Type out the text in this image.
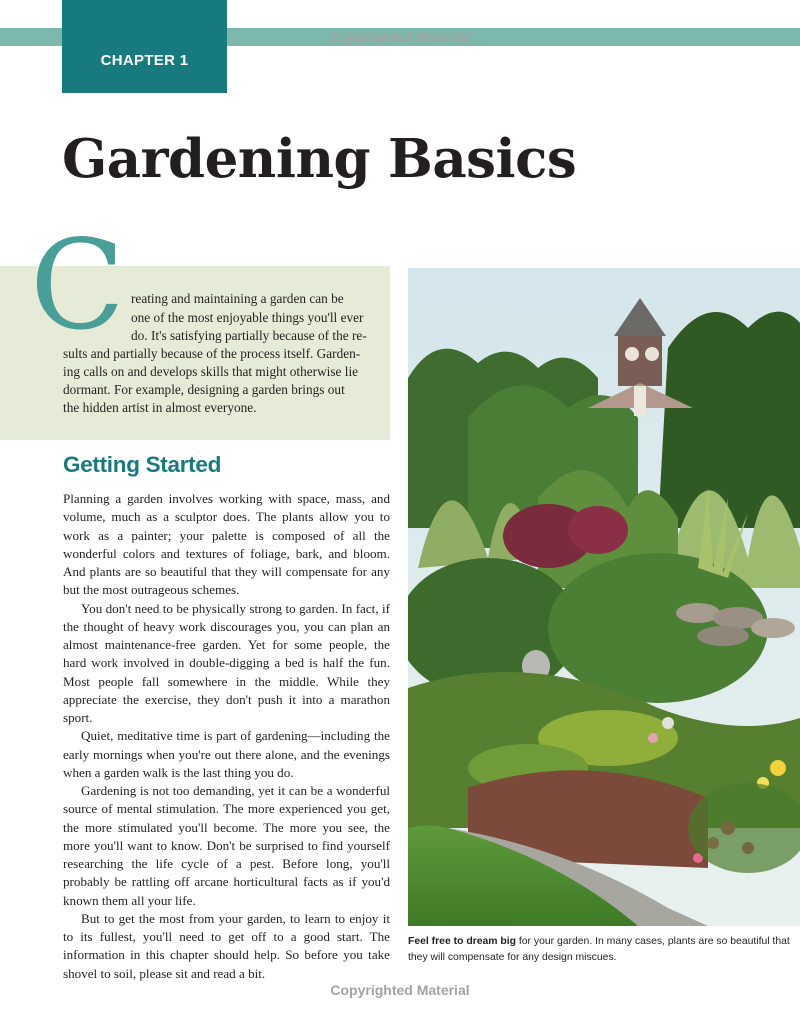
Copyrighted Material
CHAPTER 1
Gardening Basics
C reating and maintaining a garden can be
one of the most enjoyable things you'll ever
do. It's satisfying partially because of the re-
sults and partially because of the process itself. Garden-
ing calls on and develops skills that might otherwise lie
dormant. For example, designing a garden brings out
the hidden artist in almost everyone.
Getting Started

Planning a garden involves working with space, mass, and volume, much as a sculptor does. The plants allow you to work as a painter; your palette is composed of all the wonderful colors and textures of foliage, bark, and bloom. And plants are so beautiful that they will compensate for any but the most outrageous schemes.

You don't need to be physically strong to garden. In fact, if the thought of heavy work discourages you, you can plan an almost maintenance-free garden. Yet for some people, the hard work involved in double-digging a bed is half the fun. Most people fall somewhere in the middle. While they appreciate the exercise, they don't push it into a marathon sport.

Quiet, meditative time is part of gardening—including the early mornings when you're out there alone, and the evenings when a garden walk is the last thing you do.

Gardening is not too demanding, yet it can be a wonderful source of mental stimulation. The more experienced you get, the more stimulated you'll become. The more you see, the more you'll want to know. Don't be surprised to find yourself researching the life cycle of a pest. Before long, you'll probably be rattling off arcane horticultural facts as if you'd known them all your life.

But to get the most from your garden, to learn to enjoy it to its fullest, you'll need to get off to a good start. The information in this chapter should help. So before you take shovel to soil, please sit and read a bit.

Feel free to dream big for your garden. In many cases, plants are so beautiful that they will compensate for any design miscues.
Copyrighted Material
